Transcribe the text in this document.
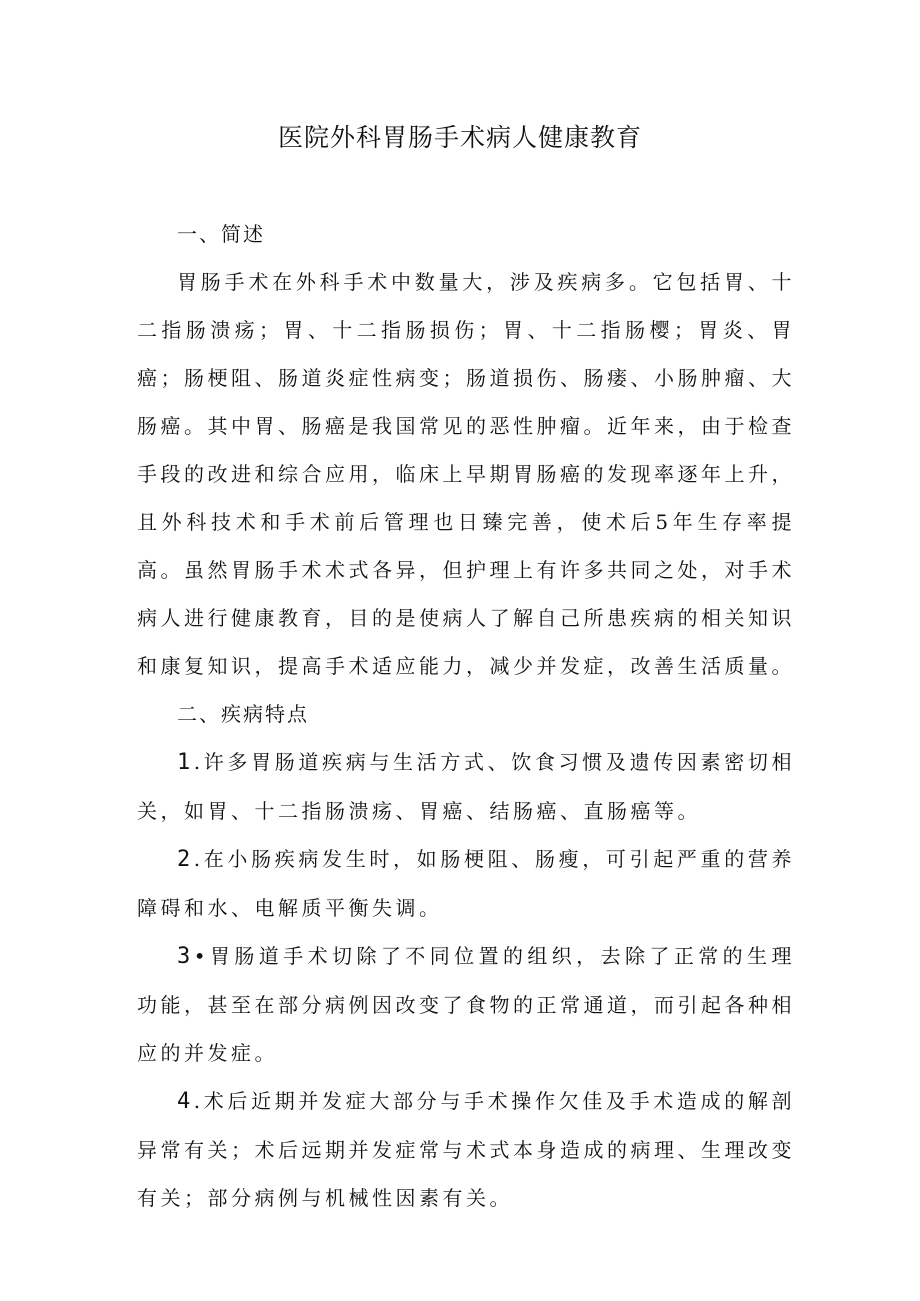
医院外科胃肠手术病人健康教育

一、简述

胃肠手术在外科手术中数量大，涉及疾病多。它包括胃、十二指肠溃疡；胃、十二指肠损伤；胃、十二指肠樱；胃炎、胃癌；肠梗阻、肠道炎症性病变；肠道损伤、肠瘘、小肠肿瘤、大肠癌。其中胃、肠癌是我国常见的恶性肿瘤。近年来，由于检查手段的改进和综合应用，临床上早期胃肠癌的发现率逐年上升，且外科技术和手术前后管理也日臻完善，使术后5年生存率提高。虽然胃肠手术术式各异，但护理上有许多共同之处，对手术病人进行健康教育，目的是使病人了解自己所患疾病的相关知识和康复知识，提高手术适应能力，减少并发症，改善生活质量。

二、疾病特点

1.许多胃肠道疾病与生活方式、饮食习惯及遗传因素密切相关，如胃、十二指肠溃疡、胃癌、结肠癌、直肠癌等。

2.在小肠疾病发生时，如肠梗阻、肠瘦，可引起严重的营养障碍和水、电解质平衡失调。

3•胃肠道手术切除了不同位置的组织，去除了正常的生理功能，甚至在部分病例因改变了食物的正常通道，而引起各种相应的并发症。

4.术后近期并发症大部分与手术操作欠佳及手术造成的解剖异常有关；术后远期并发症常与术式本身造成的病理、生理改变有关；部分病例与机械性因素有关。
